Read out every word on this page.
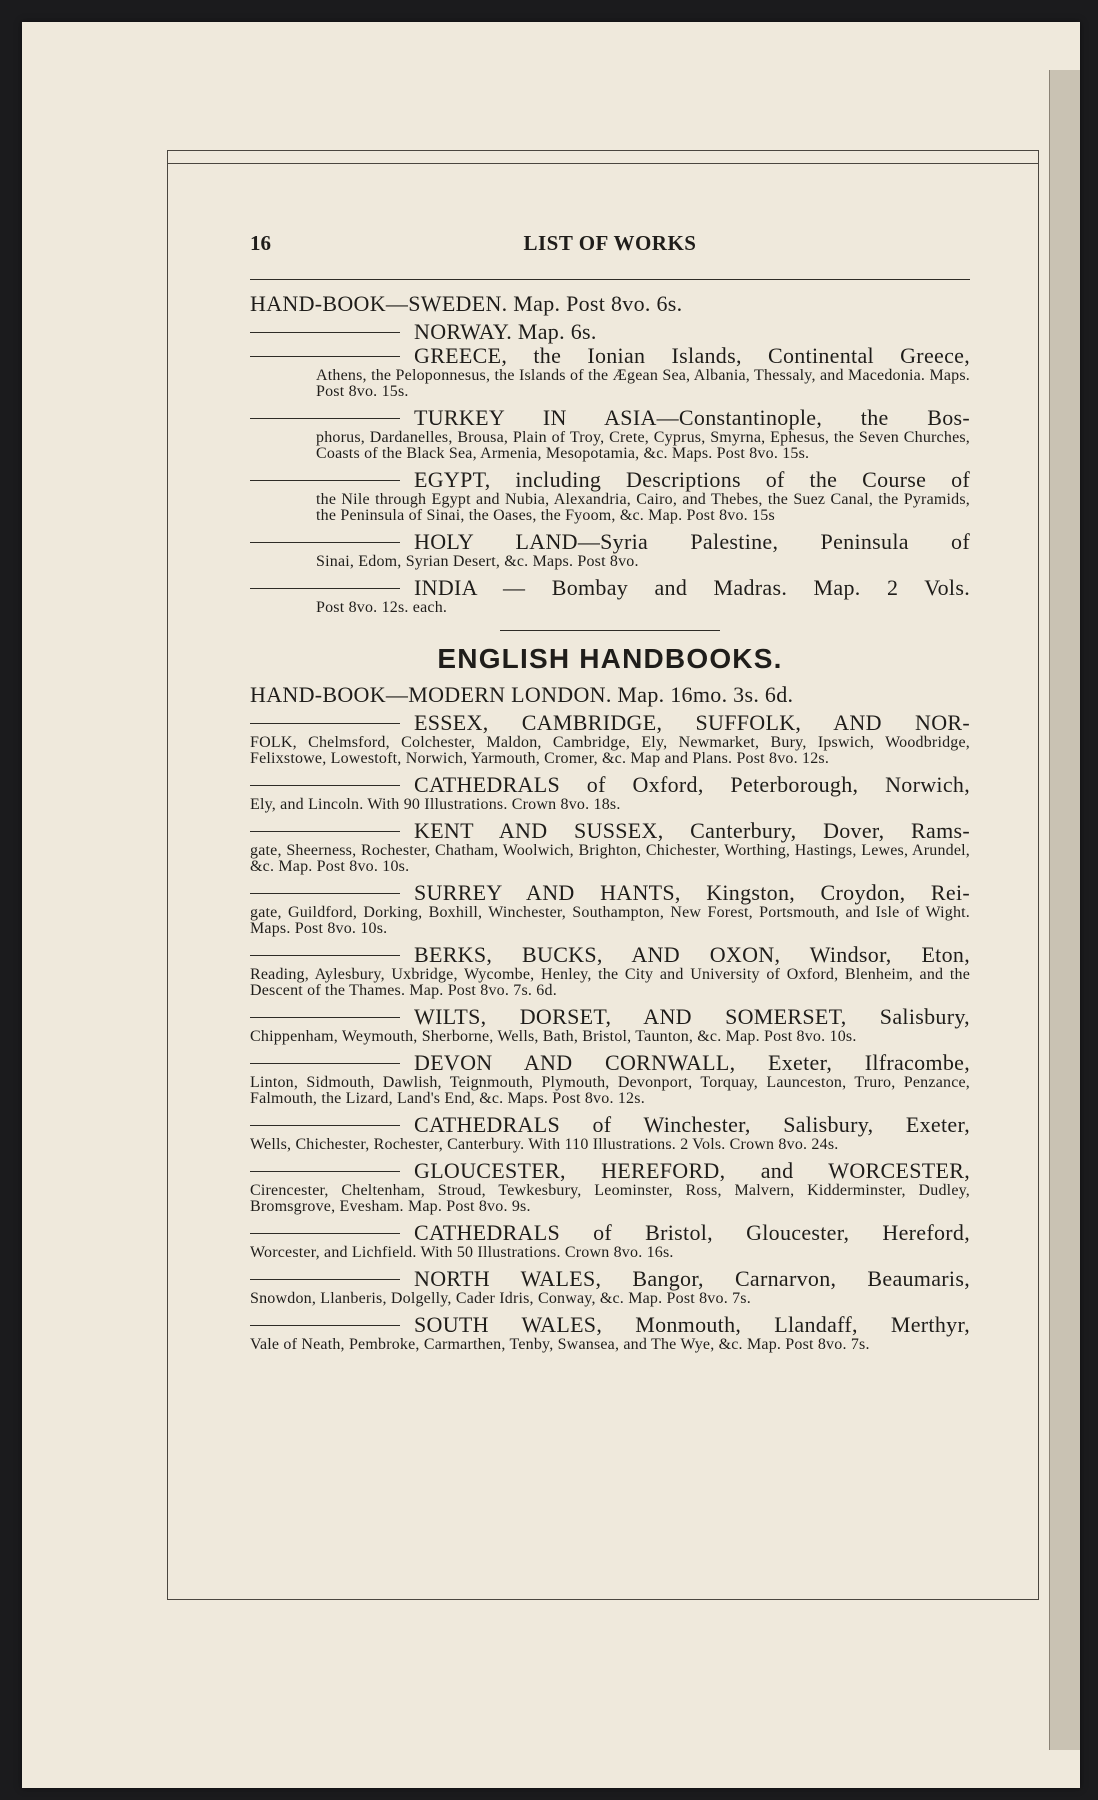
16	LIST OF WORKS
HAND-BOOK—SWEDEN. Map. Post 8vo. 6s.
NORWAY. Map. 6s.
GREECE, the Ionian Islands, Continental Greece,
Athens, the Peloponnesus, the Islands of the Ægean Sea, Albania, Thessaly, and Macedonia. Maps. Post 8vo. 15s.
TURKEY IN ASIA—Constantinople, the Bos-
phorus, Dardanelles, Brousa, Plain of Troy, Crete, Cyprus, Smyrna, Ephesus, the Seven Churches, Coasts of the Black Sea, Armenia, Mesopotamia, &c. Maps. Post 8vo. 15s.
EGYPT, including Descriptions of the Course of
the Nile through Egypt and Nubia, Alexandria, Cairo, and Thebes, the Suez Canal, the Pyramids, the Peninsula of Sinai, the Oases, the Fyoom, &c. Map. Post 8vo. 15s
HOLY LAND—Syria Palestine, Peninsula of
Sinai, Edom, Syrian Desert, &c. Maps. Post 8vo.
INDIA — Bombay and Madras. Map. 2 Vols.
Post 8vo. 12s. each.
ENGLISH HANDBOOKS.
HAND-BOOK—MODERN LONDON. Map. 16mo. 3s. 6d.
ESSEX, CAMBRIDGE, SUFFOLK, AND NOR-
FOLK, Chelmsford, Colchester, Maldon, Cambridge, Ely, Newmarket, Bury, Ipswich, Woodbridge, Felixstowe, Lowestoft, Norwich, Yarmouth, Cromer, &c. Map and Plans. Post 8vo. 12s.
CATHEDRALS of Oxford, Peterborough, Norwich,
Ely, and Lincoln. With 90 Illustrations. Crown 8vo. 18s.
KENT AND SUSSEX, Canterbury, Dover, Rams-
gate, Sheerness, Rochester, Chatham, Woolwich, Brighton, Chichester, Worthing, Hastings, Lewes, Arundel, &c. Map. Post 8vo. 10s.
SURREY AND HANTS, Kingston, Croydon, Rei-
gate, Guildford, Dorking, Boxhill, Winchester, Southampton, New Forest, Portsmouth, and Isle of Wight. Maps. Post 8vo. 10s.
BERKS, BUCKS, AND OXON, Windsor, Eton,
Reading, Aylesbury, Uxbridge, Wycombe, Henley, the City and University of Oxford, Blenheim, and the Descent of the Thames. Map. Post 8vo. 7s. 6d.
WILTS, DORSET, AND SOMERSET, Salisbury,
Chippenham, Weymouth, Sherborne, Wells, Bath, Bristol, Taunton, &c. Map. Post 8vo. 10s.
DEVON AND CORNWALL, Exeter, Ilfracombe,
Linton, Sidmouth, Dawlish, Teignmouth, Plymouth, Devonport, Torquay, Launceston, Truro, Penzance, Falmouth, the Lizard, Land's End, &c. Maps. Post 8vo. 12s.
CATHEDRALS of Winchester, Salisbury, Exeter,
Wells, Chichester, Rochester, Canterbury. With 110 Illustrations. 2 Vols. Crown 8vo. 24s.
GLOUCESTER, HEREFORD, and WORCESTER,
Cirencester, Cheltenham, Stroud, Tewkesbury, Leominster, Ross, Malvern, Kidderminster, Dudley, Bromsgrove, Evesham. Map. Post 8vo. 9s.
CATHEDRALS of Bristol, Gloucester, Hereford,
Worcester, and Lichfield. With 50 Illustrations. Crown 8vo. 16s.
NORTH WALES, Bangor, Carnarvon, Beaumaris,
Snowdon, Llanberis, Dolgelly, Cader Idris, Conway, &c. Map. Post 8vo. 7s.
SOUTH WALES, Monmouth, Llandaff, Merthyr,
Vale of Neath, Pembroke, Carmarthen, Tenby, Swansea, and The Wye, &c. Map. Post 8vo. 7s.
